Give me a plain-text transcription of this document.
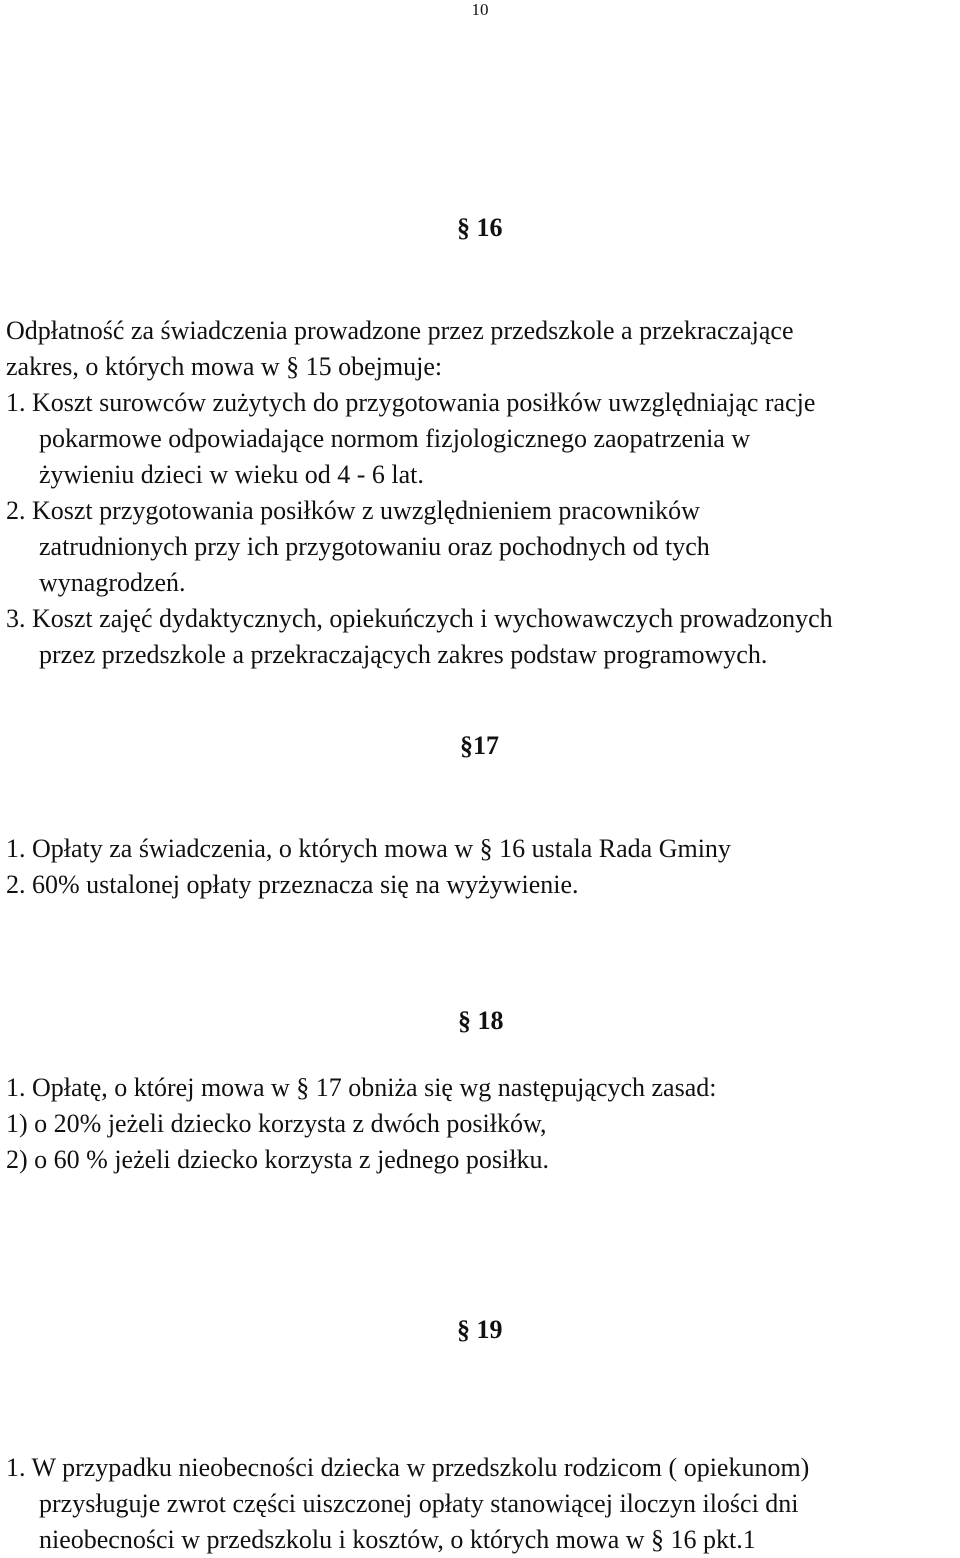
10
§ 16
Odpłatność za świadczenia prowadzone przez przedszkole a przekraczające
zakres, o których mowa w § 15 obejmuje:
1. Koszt surowców zużytych do przygotowania posiłków uwzględniając racje
pokarmowe odpowiadające normom fizjologicznego zaopatrzenia w
żywieniu dzieci w wieku od 4 - 6 lat.
2. Koszt przygotowania posiłków z uwzględnieniem pracowników
zatrudnionych przy ich przygotowaniu oraz pochodnych od tych
wynagrodzeń.
3. Koszt zajęć dydaktycznych, opiekuńczych i wychowawczych prowadzonych
przez przedszkole a przekraczających zakres podstaw programowych.
§17
1. Opłaty za świadczenia, o których mowa w § 16 ustala Rada Gminy
2. 60% ustalonej opłaty przeznacza się na wyżywienie.
§ 18
1. Opłatę, o której mowa w § 17 obniża się wg następujących zasad:
1) o 20% jeżeli dziecko korzysta z dwóch posiłków,
2) o 60 % jeżeli dziecko korzysta z jednego posiłku.
§ 19
1. W przypadku nieobecności dziecka w przedszkolu rodzicom ( opiekunom)
przysługuje zwrot części uiszczonej opłaty stanowiącej iloczyn ilości dni
nieobecności w przedszkolu i kosztów, o których mowa w § 16 pkt.1
